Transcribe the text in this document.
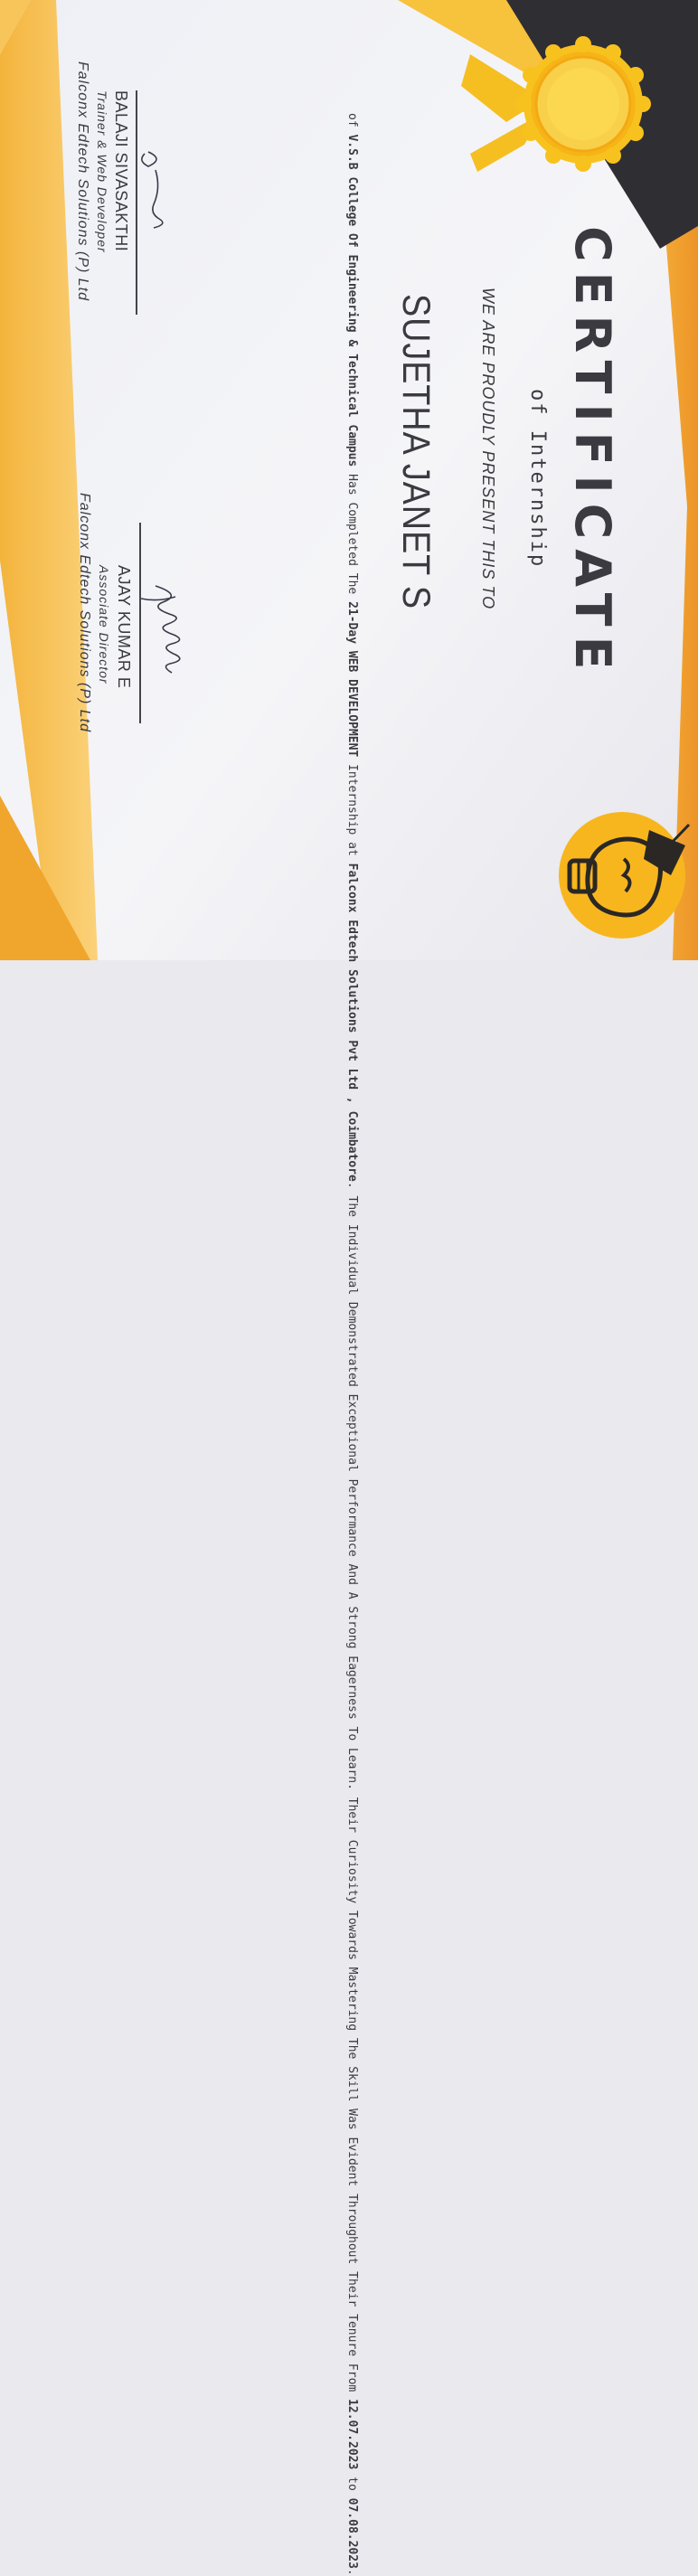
CERTIFICATE
of Internship
WE ARE PROUDLY PRESENT THIS TO
SUJETHA JANET S
of V.S.B College Of Engineering & Technical Campus Has Completed The 21-Day WEB DEVELOPMENT Internship at Falconx Edtech Solutions Pvt Ltd , Coimbatore. The Individual Demonstrated Exceptional Performance And A Strong Eagerness To Learn. Their Curiosity Towards Mastering The Skill Was Evident Throughout Their Tenure From 12.07.2023 to 07.08.2023.
AJAY KUMAR E
Associate Director
Falconx Edtech Solutions (P) Ltd
BALAJI SIVASAKTHI
Trainer & Web Developer
Falconx Edtech Solutions (P) Ltd
